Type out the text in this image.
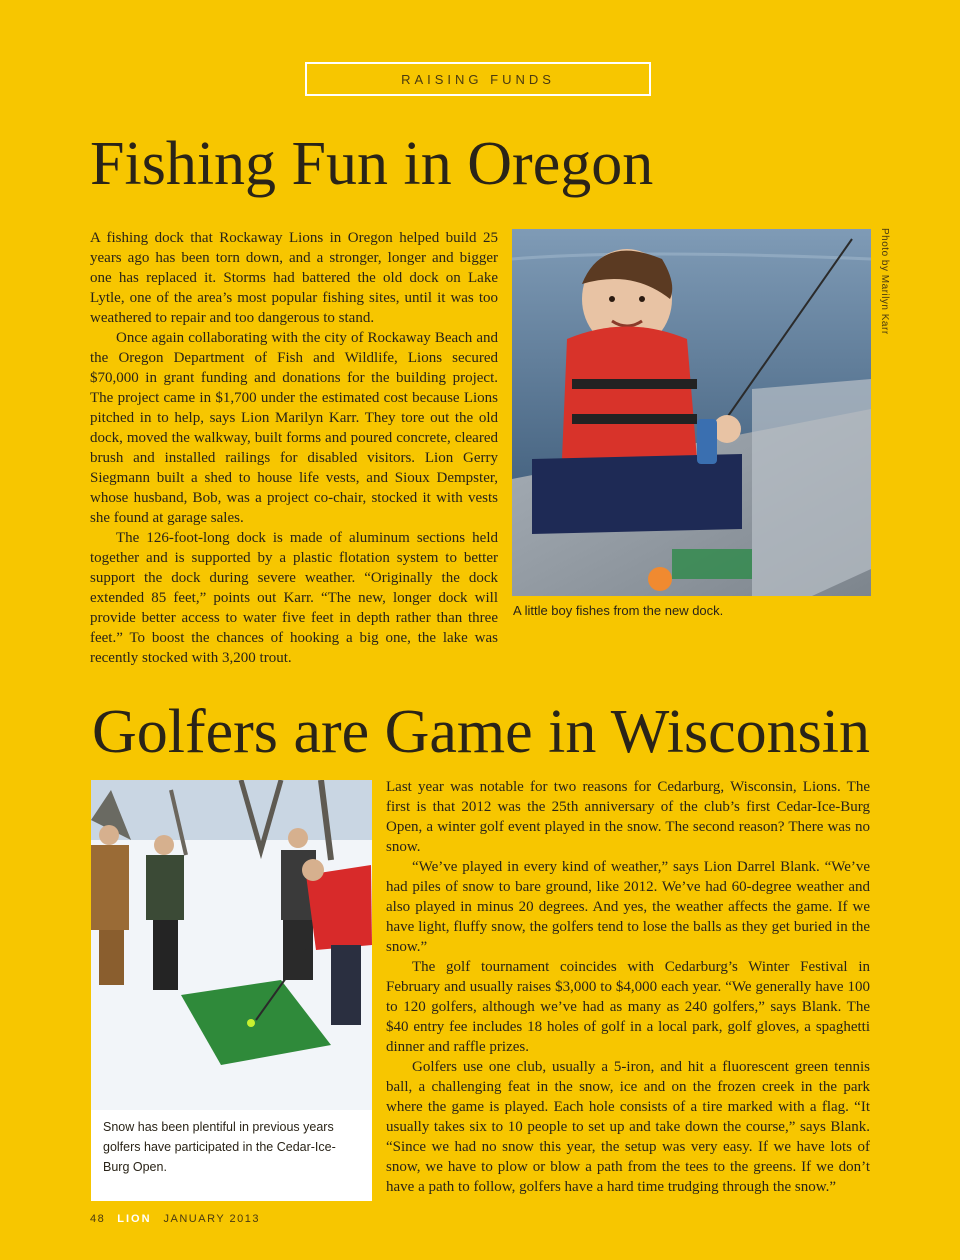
RAISING FUNDS
Fishing Fun in Oregon

A fishing dock that Rockaway Lions in Oregon helped build 25 years ago has been torn down, and a stronger, longer and bigger one has replaced it. Storms had battered the old dock on Lake Lytle, one of the area’s most popular fishing sites, until it was too weathered to repair and too dangerous to stand.

Once again collaborating with the city of Rockaway Beach and the Oregon Department of Fish and Wildlife, Lions secured $70,000 in grant funding and donations for the building project. The project came in $1,700 under the estimated cost because Lions pitched in to help, says Lion Marilyn Karr. They tore out the old dock, moved the walkway, built forms and poured concrete, cleared brush and installed railings for disabled visitors. Lion Gerry Siegmann built a shed to house life vests, and Sioux Dempster, whose husband, Bob, was a project co-chair, stocked it with vests she found at garage sales.

The 126-foot-long dock is made of aluminum sections held together and is supported by a plastic flotation system to better support the dock during severe weather. “Originally the dock extended 85 feet,” points out Karr. “The new, longer dock will provide better access to water five feet in depth rather than three feet.” To boost the chances of hooking a big one, the lake was recently stocked with 3,200 trout.

Photo by Marilyn Karr
A little boy fishes from the new dock.
Golfers are Game in Wisconsin
Snow has been plentiful in previous years golfers have participated in the Cedar-Ice-Burg Open.

Last year was notable for two reasons for Cedarburg, Wisconsin, Lions. The first is that 2012 was the 25th anniversary of the club’s first Cedar-Ice-Burg Open, a winter golf event played in the snow. The second reason? There was no snow.

“We’ve played in every kind of weather,” says Lion Darrel Blank. “We’ve had piles of snow to bare ground, like 2012. We’ve had 60-degree weather and also played in minus 20 degrees. And yes, the weather affects the game. If we have light, fluffy snow, the golfers tend to lose the balls as they get buried in the snow.”

The golf tournament coincides with Cedarburg’s Winter Festival in February and usually raises $3,000 to $4,000 each year. “We generally have 100 to 120 golfers, although we’ve had as many as 240 golfers,” says Blank. The $40 entry fee includes 18 holes of golf in a local park, golf gloves, a spaghetti dinner and raffle prizes.

Golfers use one club, usually a 5-iron, and hit a fluorescent green tennis ball, a challenging feat in the snow, ice and on the frozen creek in the park where the game is played. Each hole consists of a tire marked with a flag. “It usually takes six to 10 people to set up and take down the course,” says Blank. “Since we had no snow this year, the setup was very easy. If we have lots of snow, we have to plow or blow a path from the tees to the greens. If we don’t have a path to follow, golfers have a hard time trudging through the snow.”

48 LION JANUARY 2013
